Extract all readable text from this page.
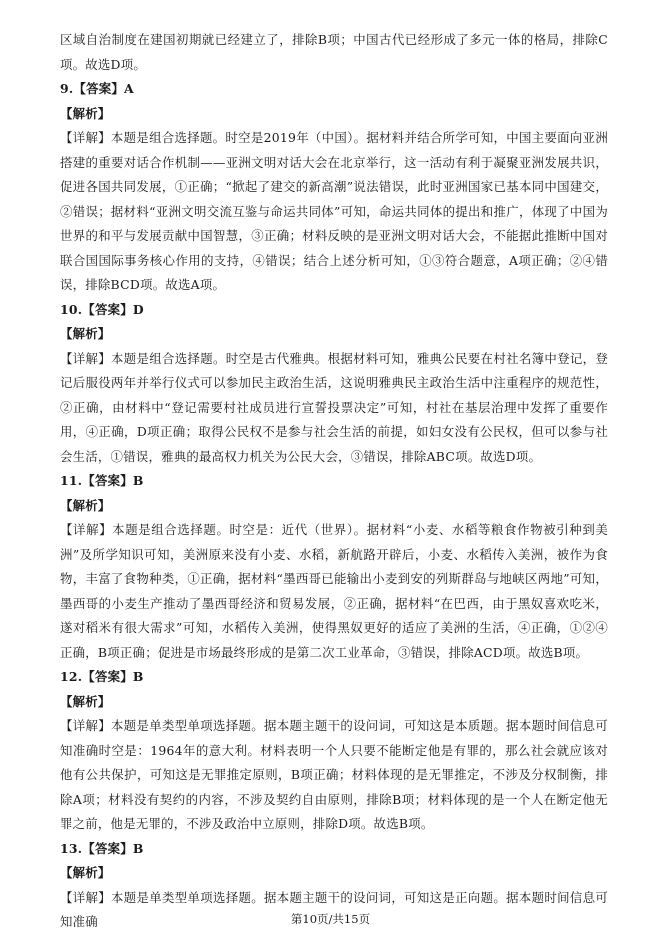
区域自治制度在建国初期就已经建立了，排除B项；中国古代已经形成了多元一体的格局，排除C项。故选D项。

9.【答案】A

【解析】

【详解】本题是组合选择题。时空是2019年（中国）。据材料并结合所学可知，中国主要面向亚洲搭建的重要对话合作机制——亚洲文明对话大会在北京举行，这一活动有利于凝聚亚洲发展共识，促进各国共同发展，①正确；“掀起了建交的新高潮”说法错误，此时亚洲国家已基本同中国建交，②错误；据材料“亚洲文明交流互鉴与命运共同体”可知，命运共同体的提出和推广，体现了中国为世界的和平与发展贡献中国智慧，③正确；材料反映的是亚洲文明对话大会，不能据此推断中国对联合国国际事务核心作用的支持，④错误；结合上述分析可知，①③符合题意，A项正确；②④错误，排除BCD项。故选A项。

10.【答案】D

【解析】

【详解】本题是组合选择题。时空是古代雅典。根据材料可知，雅典公民要在村社名簿中登记，登记后服役两年并举行仪式可以参加民主政治生活，这说明雅典民主政治生活中注重程序的规范性，②正确，由材料中“登记需要村社成员进行宣誓投票决定”可知，村社在基层治理中发挥了重要作用，④正确，D项正确；取得公民权不是参与社会生活的前提，如妇女没有公民权，但可以参与社会生活，①错误，雅典的最高权力机关为公民大会，③错误，排除ABC项。故选D项。

11.【答案】B

【解析】

【详解】本题是组合选择题。时空是：近代（世界）。据材料“小麦、水稻等粮食作物被引种到美洲”及所学知识可知，美洲原来没有小麦、水稻，新航路开辟后，小麦、水稻传入美洲，被作为食物，丰富了食物种类，①正确，据材料“墨西哥已能输出小麦到安的列斯群岛与地峡区两地”可知，墨西哥的小麦生产推动了墨西哥经济和贸易发展，②正确，据材料“在巴西，由于黑奴喜欢吃米，遂对稻米有很大需求”可知，水稻传入美洲，使得黑奴更好的适应了美洲的生活，④正确，①②④正确，B项正确；促进是市场最终形成的是第二次工业革命，③错误，排除ACD项。故选B项。

12.【答案】B

【解析】

【详解】本题是单类型单项选择题。据本题主题干的设问词，可知这是本质题。据本题时间信息可知准确时空是：1964年的意大利。材料表明一个人只要不能断定他是有罪的，那么社会就应该对他有公共保护，可知这是无罪推定原则，B项正确；材料体现的是无罪推定，不涉及分权制衡，排除A项；材料没有契约的内容，不涉及契约自由原则，排除B项；材料体现的是一个人在断定他无罪之前，他是无罪的，不涉及政治中立原则，排除D项。故选B项。

13.【答案】B

【解析】

【详解】本题是单类型单项选择题。据本题主题干的设问词，可知这是正向题。据本题时间信息可知准确	第10页/共15页
